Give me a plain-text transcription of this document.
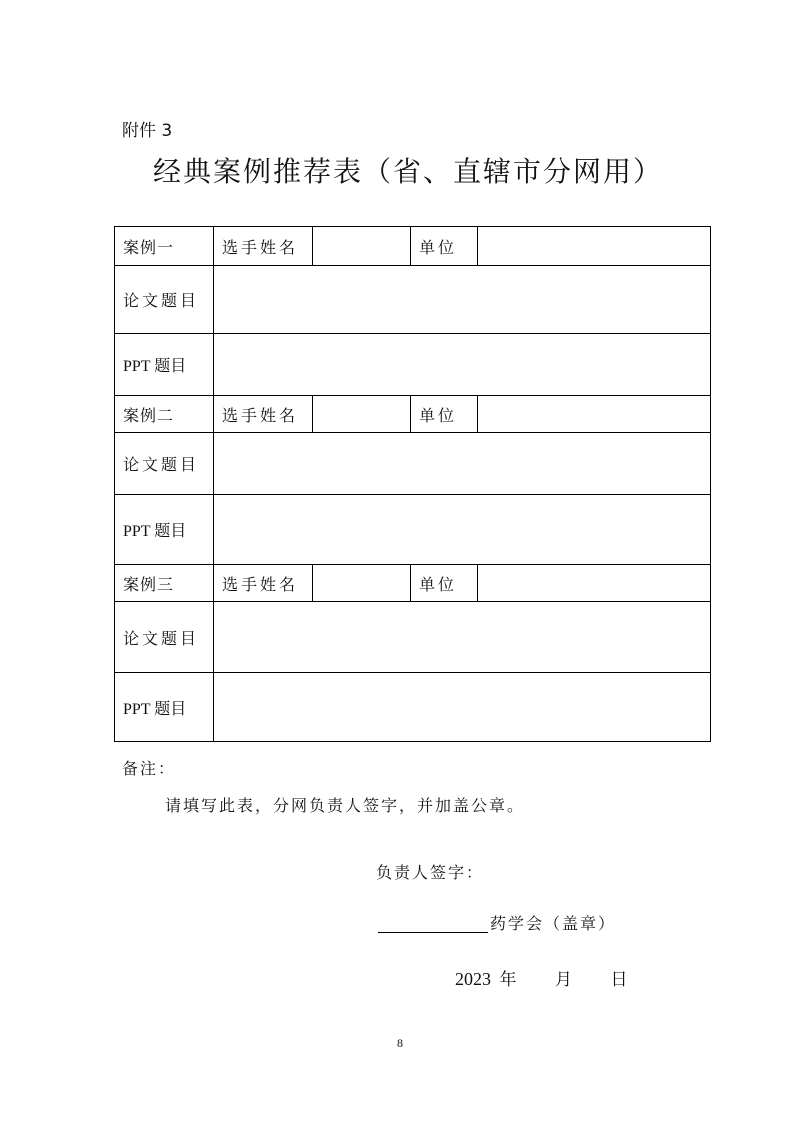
附件 3
经典案例推荐表（省、直辖市分网用）
案例一	选手姓名		单位	
论文题目				
PPT 题目				
案例二	选手姓名		单位	
论文题目				
PPT 题目				
案例三	选手姓名		单位	
论文题目				
PPT 题目				
备注：
请填写此表，分网负责人签字，并加盖公章。
负责人签字：
药学会（盖章）
2023 年 月 日
8
